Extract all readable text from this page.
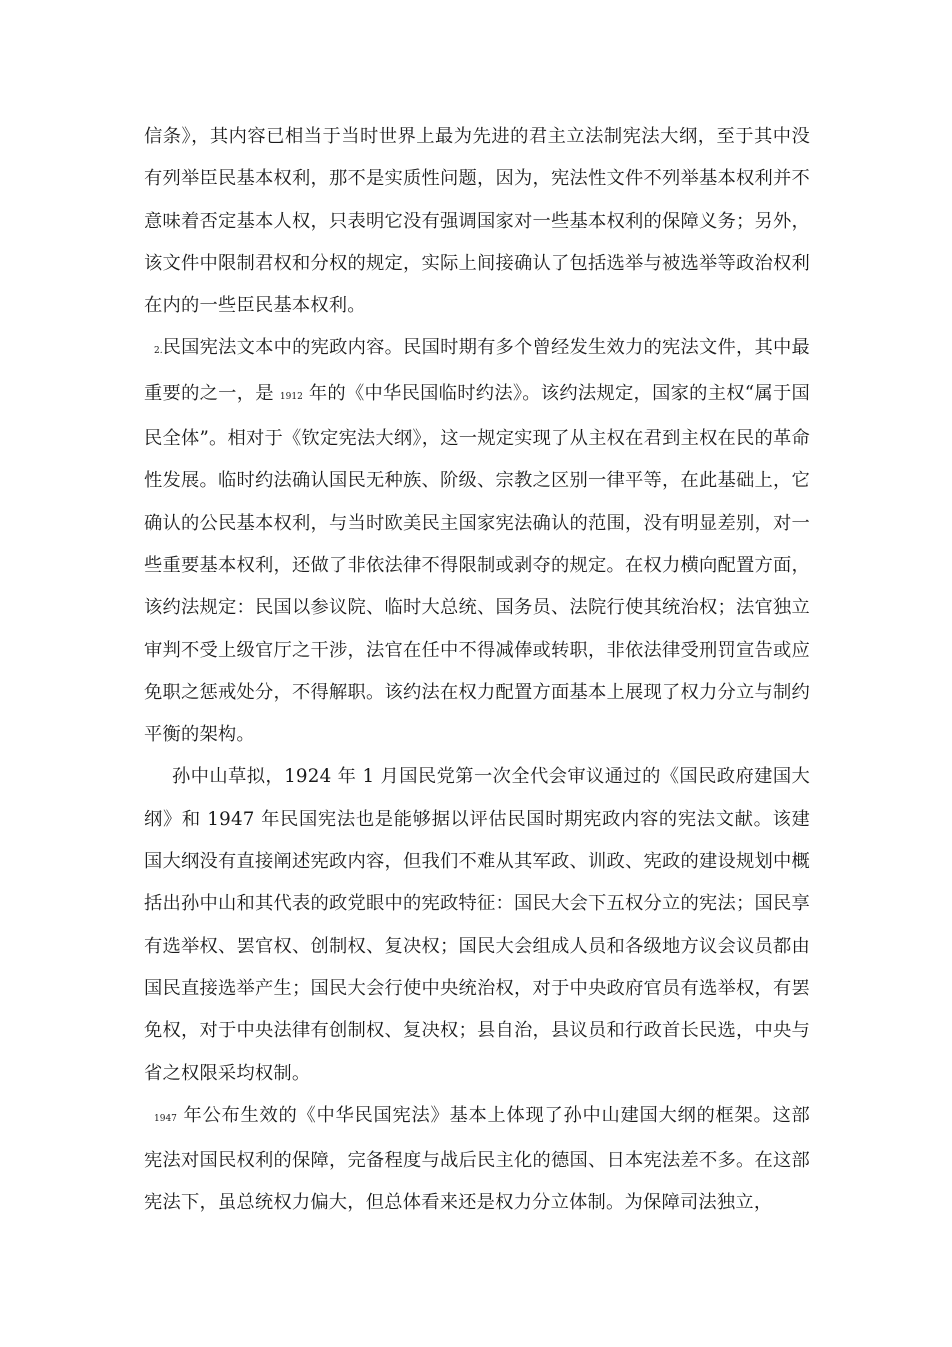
信条》，其内容已相当于当时世界上最为先进的君主立法制宪法大纲，至于其中没有列举臣民基本权利，那不是实质性问题，因为，宪法性文件不列举基本权利并不意味着否定基本人权，只表明它没有强调国家对一些基本权利的保障义务；另外，该文件中限制君权和分权的规定，实际上间接确认了包括选举与被选举等政治权利在内的一些臣民基本权利。

2.民国宪法文本中的宪政内容。民国时期有多个曾经发生效力的宪法文件，其中最重要的之一，是 1912 年的《中华民国临时约法》。该约法规定，国家的主权“属于国民全体”。相对于《钦定宪法大纲》，这一规定实现了从主权在君到主权在民的革命性发展。临时约法确认国民无种族、阶级、宗教之区别一律平等，在此基础上，它确认的公民基本权利，与当时欧美民主国家宪法确认的范围，没有明显差别，对一些重要基本权利，还做了非依法律不得限制或剥夺的规定。在权力横向配置方面，该约法规定：民国以参议院、临时大总统、国务员、法院行使其统治权；法官独立审判不受上级官厅之干涉，法官在任中不得减俸或转职，非依法律受刑罚宣告或应免职之惩戒处分，不得解职。该约法在权力配置方面基本上展现了权力分立与制约平衡的架构。

孙中山草拟，1924 年 1 月国民党第一次全代会审议通过的《国民政府建国大纲》和 1947 年民国宪法也是能够据以评估民国时期宪政内容的宪法文献。该建国大纲没有直接阐述宪政内容，但我们不难从其军政、训政、宪政的建设规划中概括出孙中山和其代表的政党眼中的宪政特征：国民大会下五权分立的宪法；国民享有选举权、罢官权、创制权、复决权；国民大会组成人员和各级地方议会议员都由国民直接选举产生；国民大会行使中央统治权，对于中央政府官员有选举权，有罢免权，对于中央法律有创制权、复决权；县自治，县议员和行政首长民选，中央与省之权限采均权制。

1947 年公布生效的《中华民国宪法》基本上体现了孙中山建国大纲的框架。这部宪法对国民权利的保障，完备程度与战后民主化的德国、日本宪法差不多。在这部宪法下，虽总统权力偏大，但总体看来还是权力分立体制。为保障司法独立，
